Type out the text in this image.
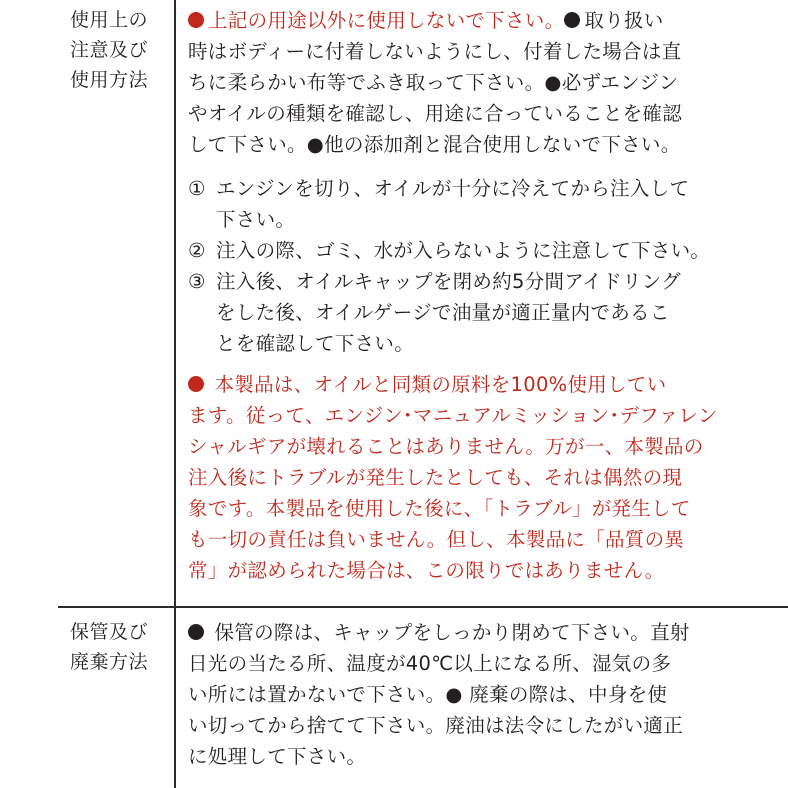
使用上の
注意及び
使用方法

上記の用途以外に使用しないで下さい。 取り扱い

時はボディーに付着しないようにし、付着した場合は直

ちに柔らかい布等でふき取って下さい。●必ずエンジン

やオイルの種類を確認し、用途に合っていることを確認

して下さい。●他の添加剤と混合使用しないで下さい。

① エンジンを切り、オイルが十分に冷えてから注入して

下さい。

② 注入の際、ゴミ、水が入らないように注意して下さい。

③ 注入後、オイルキャップを閉め約5分間アイドリング

をした後、オイルゲージで油量が適正量内であるこ

とを確認して下さい。

本製品は、オイルと同類の原料を100%使用してい

ます。従って、エンジン･マニュアルミッション･デファレン

シャルギアが壊れることはありません。万が一、本製品の

注入後にトラブルが発生したとしても、それは偶然の現

象です。本製品を使用した後に、「トラブル」が発生して

も一切の責任は負いません。但し、本製品に「品質の異

常」が認められた場合は、この限りではありません。

保管及び
廃棄方法

保管の際は、キャップをしっかり閉めて下さい。直射

日光の当たる所、温度が40℃以上になる所、湿気の多

い所には置かないで下さい。● 廃棄の際は、中身を使

い切ってから捨てて下さい。廃油は法令にしたがい適正

に処理して下さい。
